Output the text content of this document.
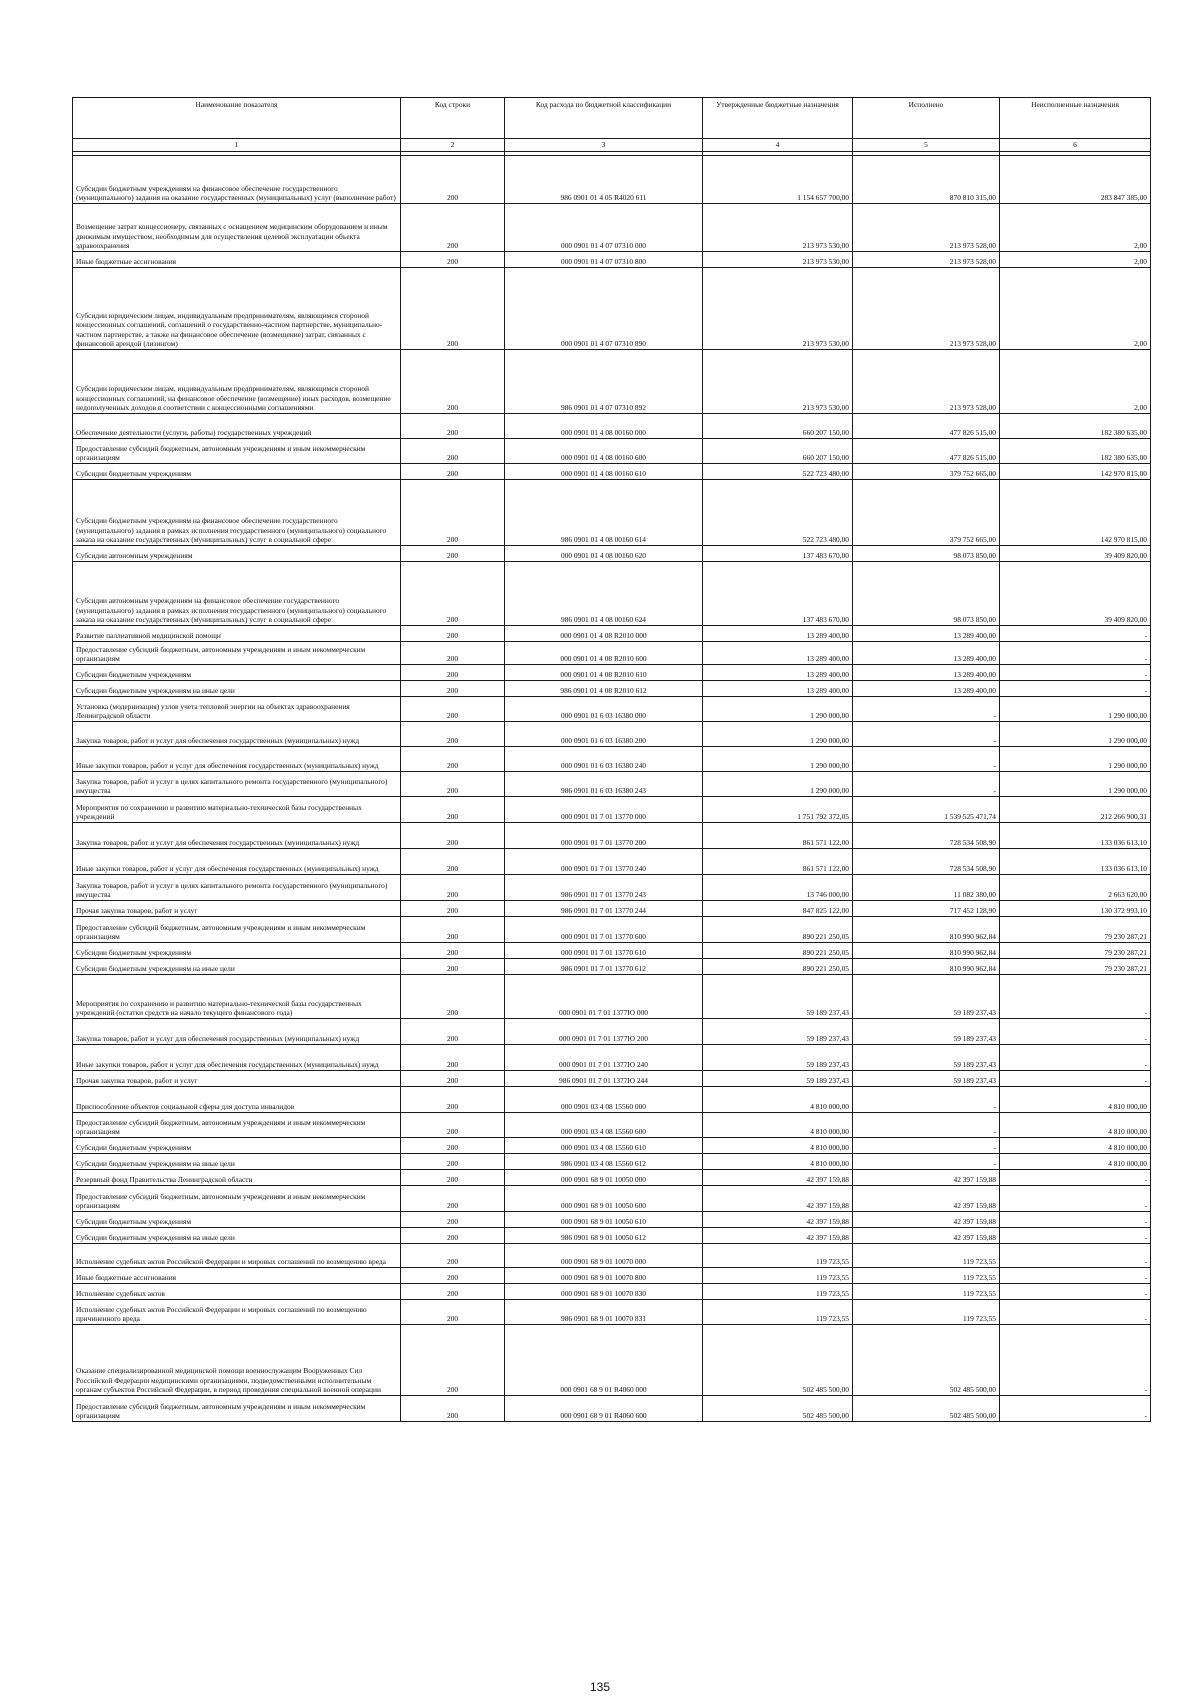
Наименование показателя	Код строки	Код расхода по бюджетной классификации	Утвержденные бюджетные назначения	Исполнено	Неисполненные назначения
1	2	3	4	5	6

Субсидии бюджетным учреждениям на финансовое обеспечение государственного (муниципального) задания на оказание государственных (муниципальных) услуг (выполнение работ)	200	986 0901 01 4 05 R4020 611	1 154 657 700,00	870 810 315,00	283 847 385,00
Возмещение затрат концессионеру, связанных с оснащением медицинским оборудованием и иным движимым имуществом, необходимым для осуществления целевой эксплуатации объекта здравоохранения	200	000 0901 01 4 07 07310 000	213 973 530,00	213 973 528,00	2,00
Иные бюджетные ассигнования	200	000 0901 01 4 07 07310 800	213 973 530,00	213 973 528,00	2,00
Субсидии юридическим лицам, индивидуальным предпринимателям, являющимся стороной концессионных соглашений, соглашений о государственно-частном партнерстве, муниципально-частном партнерстве, а также на финансовое обеспечение (возмещение) затрат, связанных с финансовой арендой (лизингом)	200	000 0901 01 4 07 07310 890	213 973 530,00	213 973 528,00	2,00
Субсидии юридическим лицам, индивидуальным предпринимателям, являющимся стороной концессионных соглашений, на финансовое обеспечение (возмещение) иных расходов, возмещение недополученных доходов в соответствии с концессионными соглашениями	200	986 0901 01 4 07 07310 892	213 973 530,00	213 973 528,00	2,00
Обеспечение деятельности (услуги, работы) государственных учреждений	200	000 0901 01 4 08 00160 000	660 207 150,00	477 826 515,00	182 380 635,00
Предоставление субсидий бюджетным, автономным учреждениям и иным некоммерческим организациям	200	000 0901 01 4 08 00160 600	660 207 150,00	477 826 515,00	182 380 635,00
Субсидии бюджетным учреждениям	200	000 0901 01 4 08 00160 610	522 723 480,00	379 752 665,00	142 970 815,00
Субсидии бюджетным учреждениям на финансовое обеспечение государственного (муниципального) задания в рамках исполнения государственного (муниципального) социального заказа на оказание государственных (муниципальных) услуг в социальной сфере	200	986 0901 01 4 08 00160 614	522 723 480,00	379 752 665,00	142 970 815,00
Субсидии автономным учреждениям	200	000 0901 01 4 08 00160 620	137 483 670,00	98 073 850,00	39 409 820,00
Субсидии автономным учреждениям на финансовое обеспечение государственного (муниципального) задания в рамках исполнения государственного (муниципального) социального заказа на оказание государственных (муниципальных) услуг в социальной сфере	200	986 0901 01 4 08 00160 624	137 483 670,00	98 073 850,00	39 409 820,00
Развитие паллиативной медицинской помощи	200	000 0901 01 4 08 R2010 000	13 289 400,00	13 289 400,00	-
Предоставление субсидий бюджетным, автономным учреждениям и иным некоммерческим организациям	200	000 0901 01 4 08 R2010 600	13 289 400,00	13 289 400,00	-
Субсидии бюджетным учреждениям	200	000 0901 01 4 08 R2010 610	13 289 400,00	13 289 400,00	-
Субсидии бюджетным учреждениям на иные цели	200	986 0901 01 4 08 R2010 612	13 289 400,00	13 289 400,00	-
Установка (модернизация) узлов учета тепловой энергии на объектах здравоохранения Ленинградской области	200	000 0901 01 6 03 16380 000	1 290 000,00	-	1 290 000,00
Закупка товаров, работ и услуг для обеспечения государственных (муниципальных) нужд	200	000 0901 01 6 03 16380 200	1 290 000,00	-	1 290 000,00
Иные закупки товаров, работ и услуг для обеспечения государственных (муниципальных) нужд	200	000 0901 01 6 03 16380 240	1 290 000,00	-	1 290 000,00
Закупка товаров, работ и услуг в целях капитального ремонта государственного (муниципального) имущества	200	986 0901 01 6 03 16380 243	1 290 000,00	-	1 290 000,00
Мероприятия по сохранению и развитию материально-технической базы государственных учреждений	200	000 0901 01 7 01 13770 000	1 751 792 372,05	1 539 525 471,74	212 266 900,31
Закупка товаров, работ и услуг для обеспечения государственных (муниципальных) нужд	200	000 0901 01 7 01 13770 200	861 571 122,00	728 534 508,90	133 036 613,10
Иные закупки товаров, работ и услуг для обеспечения государственных (муниципальных) нужд	200	000 0901 01 7 01 13770 240	861 571 122,00	728 534 508,90	133 036 613,10
Закупка товаров, работ и услуг в целях капитального ремонта государственного (муниципального) имущества	200	986 0901 01 7 01 13770 243	13 746 000,00	11 082 380,00	2 663 620,00
Прочая закупка товаров, работ и услуг	200	986 0901 01 7 01 13770 244	847 825 122,00	717 452 128,90	130 372 993,10
Предоставление субсидий бюджетным, автономным учреждениям и иным некоммерческим организациям	200	000 0901 01 7 01 13770 600	890 221 250,05	810 990 962,84	79 230 287,21
Субсидии бюджетным учреждениям	200	000 0901 01 7 01 13770 610	890 221 250,05	810 990 962,84	79 230 287,21
Субсидии бюджетным учреждениям на иные цели	200	986 0901 01 7 01 13770 612	890 221 250,05	810 990 962,84	79 230 287,21
Мероприятия по сохранению и развитию материально-технической базы государственных учреждений (остатки средств на начало текущего финансового года)	200	000 0901 01 7 01 1377Ю 000	59 189 237,43	59 189 237,43	-
Закупка товаров, работ и услуг для обеспечения государственных (муниципальных) нужд	200	000 0901 01 7 01 1377Ю 200	59 189 237,43	59 189 237,43	-
Иные закупки товаров, работ и услуг для обеспечения государственных (муниципальных) нужд	200	000 0901 01 7 01 1377Ю 240	59 189 237,43	59 189 237,43	-
Прочая закупка товаров, работ и услуг	200	986 0901 01 7 01 1377Ю 244	59 189 237,43	59 189 237,43	-
Приспособление объектов социальной сферы для доступа инвалидов	200	000 0901 03 4 08 15560 000	4 810 000,00	-	4 810 000,00
Предоставление субсидий бюджетным, автономным учреждениям и иным некоммерческим организациям	200	000 0901 03 4 08 15560 600	4 810 000,00	-	4 810 000,00
Субсидии бюджетным учреждениям	200	000 0901 03 4 08 15560 610	4 810 000,00	-	4 810 000,00
Субсидии бюджетным учреждениям на иные цели	200	986 0901 03 4 08 15560 612	4 810 000,00	-	4 810 000,00
Резервный фонд Правительства Ленинградской области	200	000 0901 68 9 01 10050 000	42 397 159,88	42 397 159,88	-
Предоставление субсидий бюджетным, автономным учреждениям и иным некоммерческим организациям	200	000 0901 68 9 01 10050 600	42 397 159,88	42 397 159,88	-
Субсидии бюджетным учреждениям	200	000 0901 68 9 01 10050 610	42 397 159,88	42 397 159,88	-
Субсидии бюджетным учреждениям на иные цели	200	986 0901 68 9 01 10050 612	42 397 159,88	42 397 159,88	-
Исполнение судебных актов Российской Федерации и мировых соглашений по возмещению вреда	200	000 0901 68 9 01 10070 000	119 723,55	119 723,55	-
Иные бюджетные ассигнования	200	000 0901 68 9 01 10070 800	119 723,55	119 723,55	-
Исполнение судебных актов	200	000 0901 68 9 01 10070 830	119 723,55	119 723,55	-
Исполнение судебных актов Российской Федерации и мировых соглашений по возмещению причиненного вреда	200	986 0901 68 9 01 10070 831	119 723,55	119 723,55	-
Оказание специализированной медицинской помощи военнослужащим Вооруженных Сил Российской Федерации медицинскими организациями, подведомственными исполнительным органам субъектов Российской Федерации, в период проведения специальной военной операции	200	000 0901 68 9 01 R4060 000	502 485 500,00	502 485 500,00	-
Предоставление субсидий бюджетным, автономным учреждениям и иным некоммерческим организациям	200	000 0901 68 9 01 R4060 600	502 485 500,00	502 485 500,00	-
135
